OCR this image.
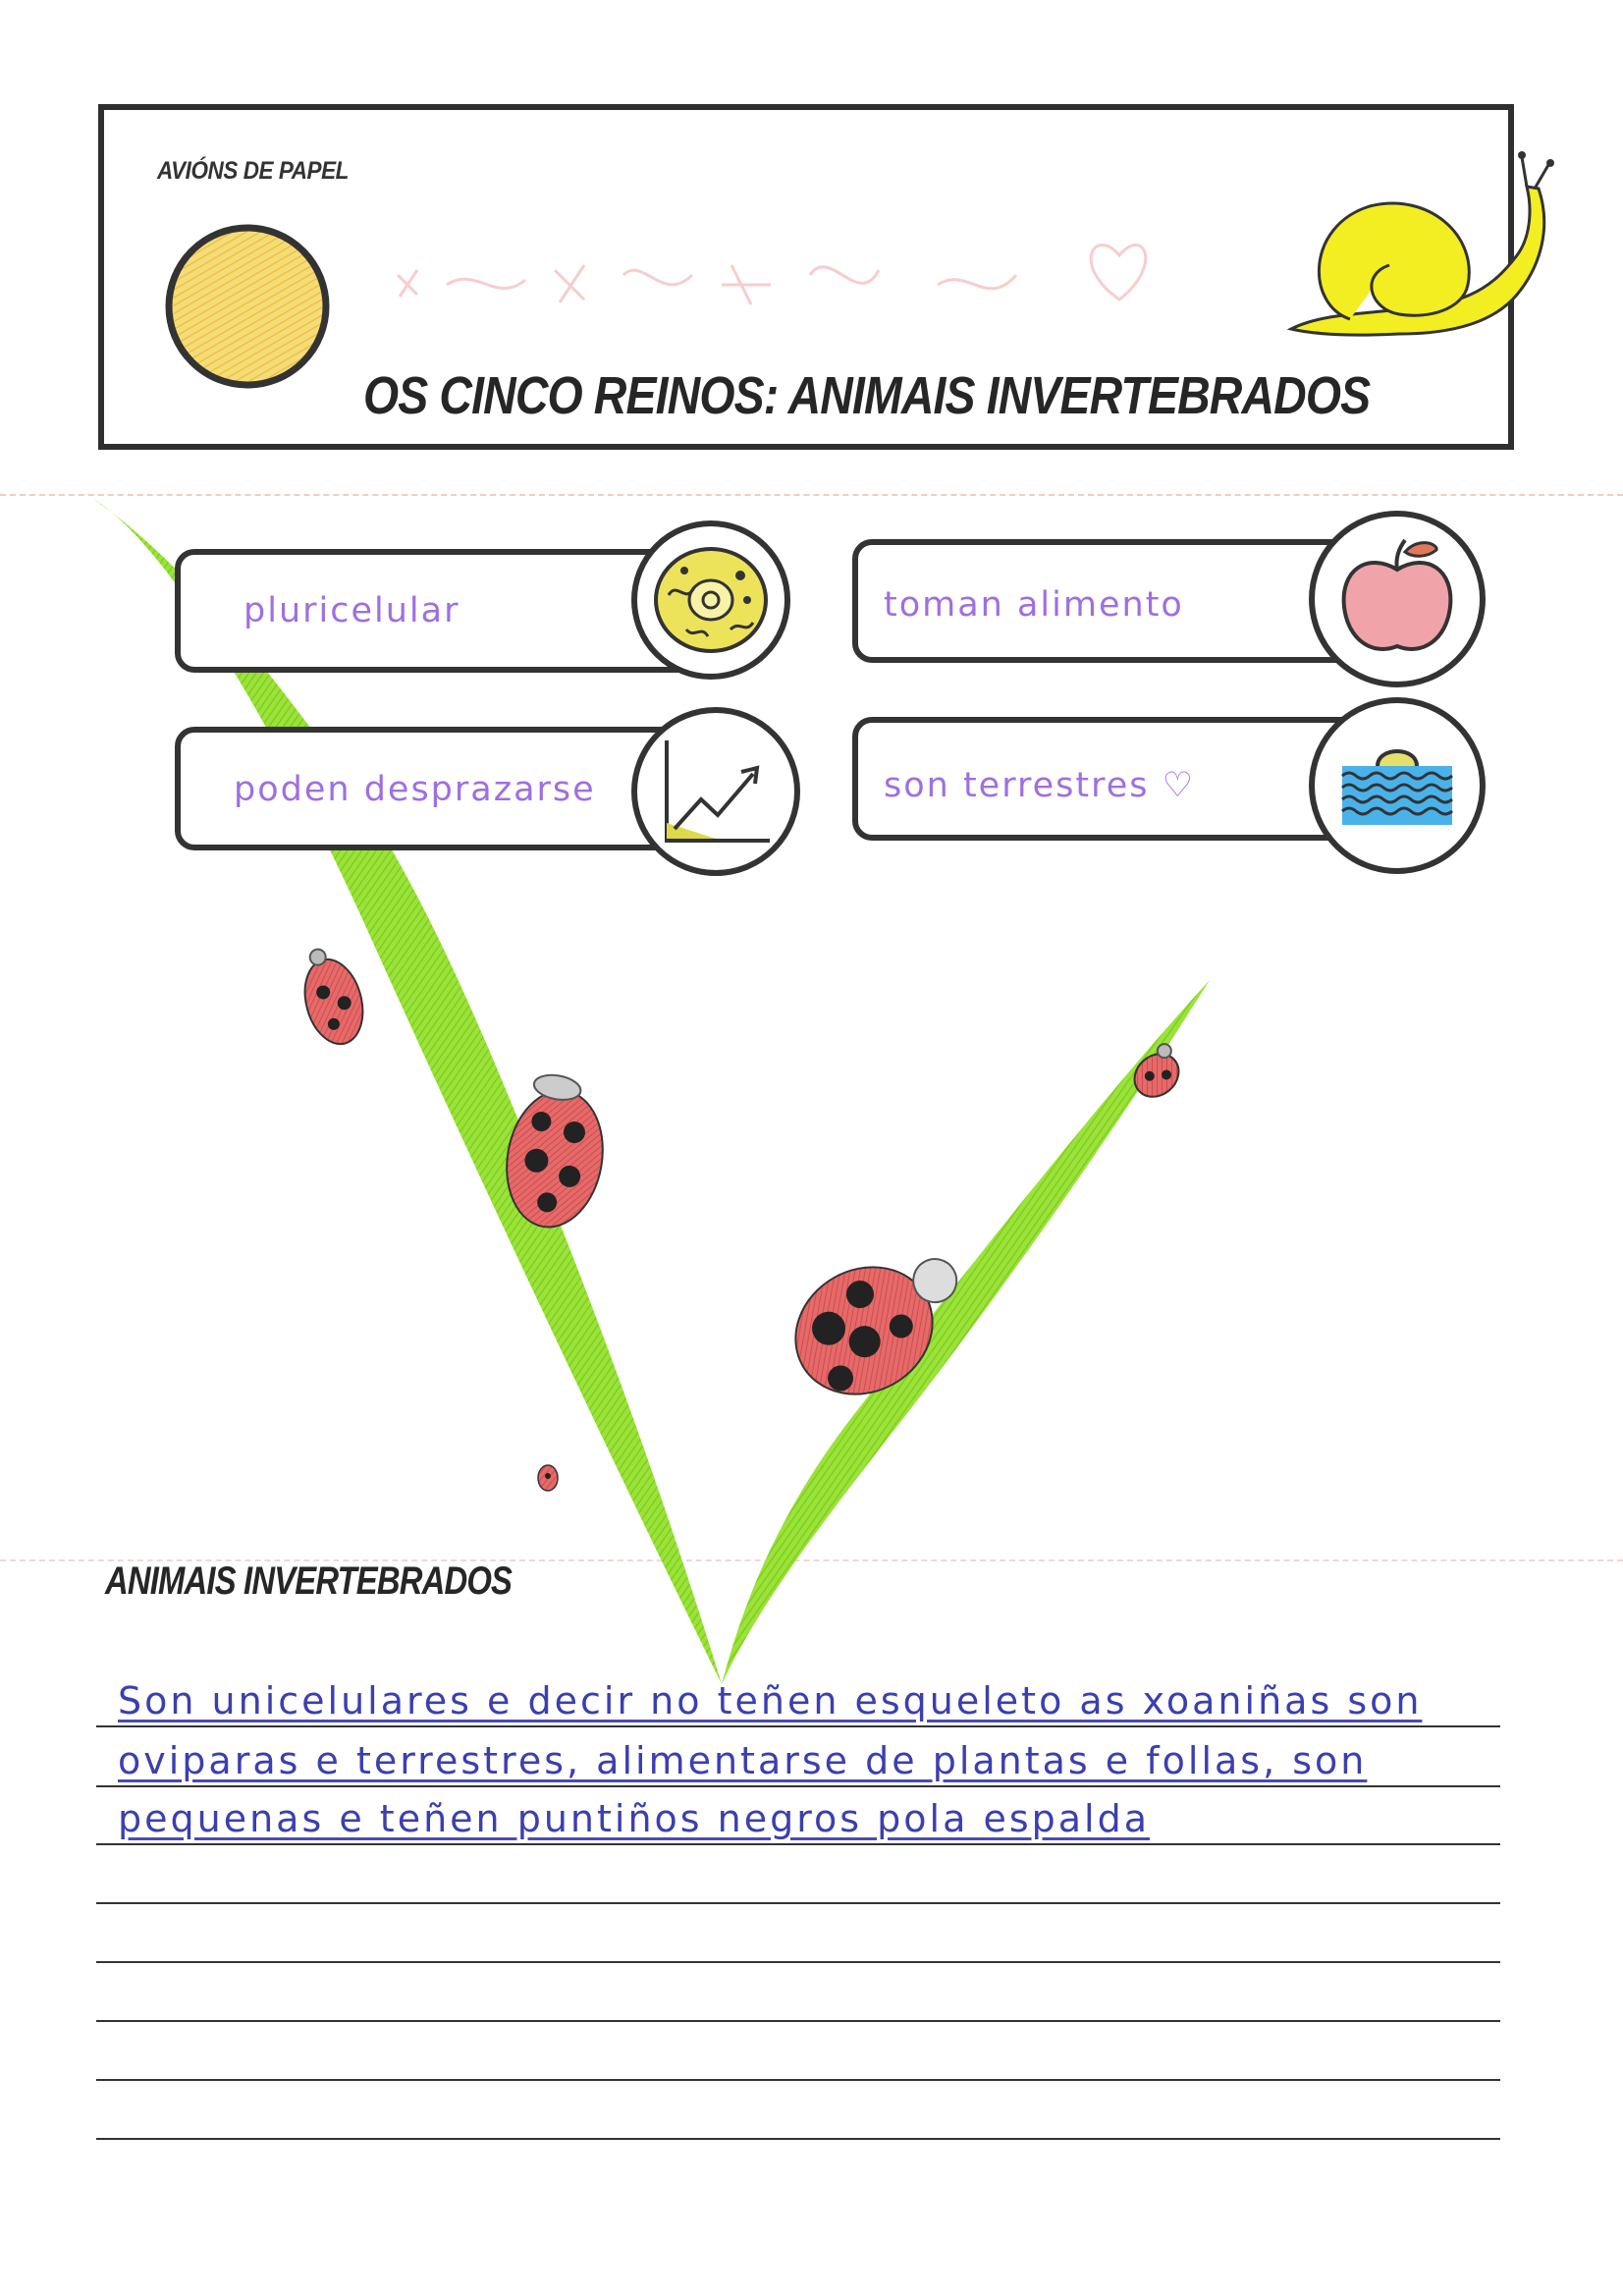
AVIÓNS DE PAPEL
OS CINCO REINOS: ANIMAIS INVERTEBRADOS
pluricelular	toman alimento
poden desprazarse	son terrestres ♡
ANIMAIS INVERTEBRADOS
Son unicelulares e decir no teñen esqueleto as xoaniñas son
oviparas e terrestres, alimentarse de plantas e follas, son
pequenas e teñen puntiños negros pola espalda
